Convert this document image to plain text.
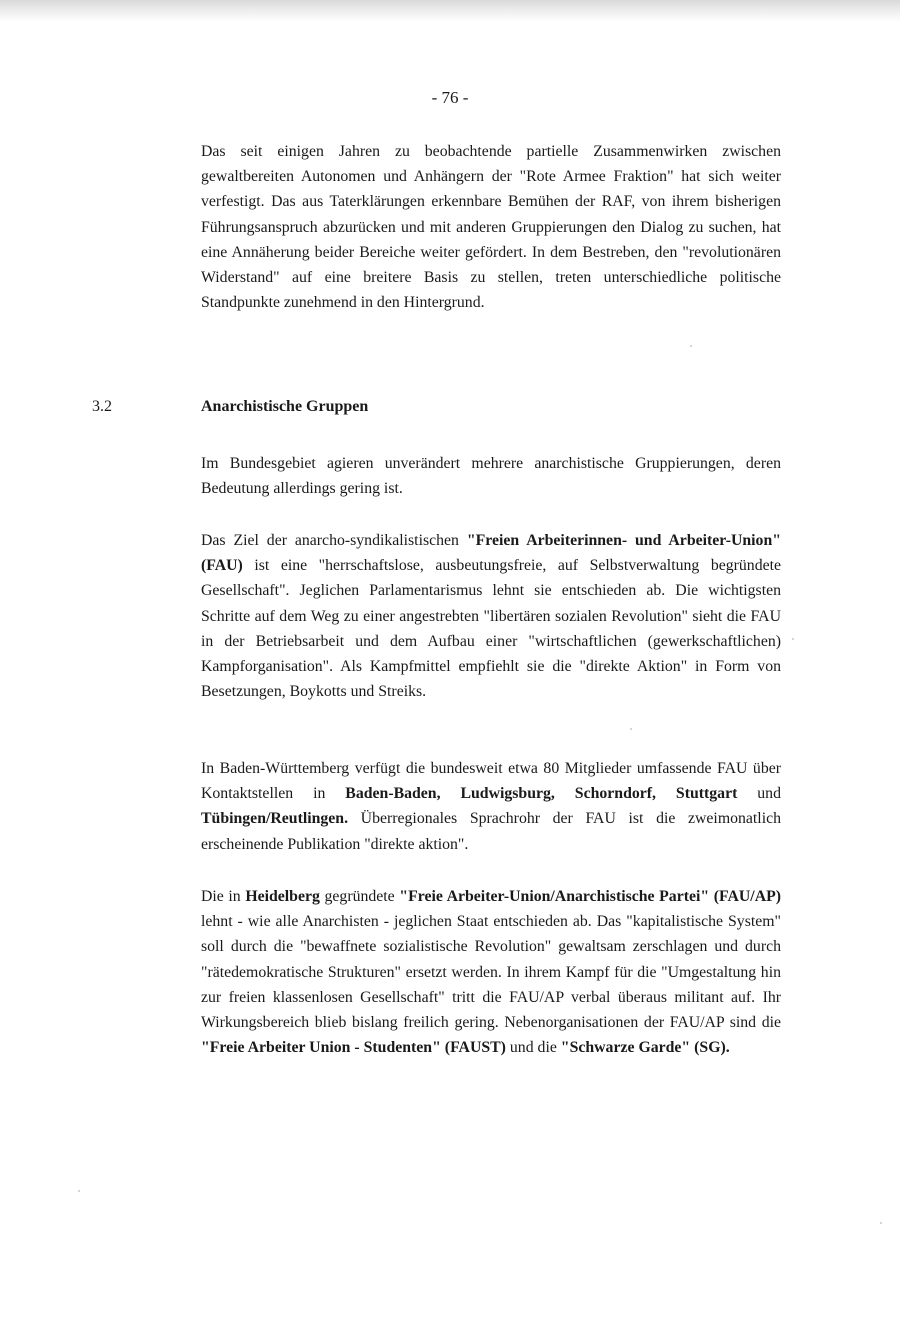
- 76 -

Das seit einigen Jahren zu beobachtende partielle Zusammenwirken zwischen gewaltbereiten Autonomen und Anhängern der "Rote Armee Fraktion" hat sich weiter verfestigt. Das aus Taterklärungen erkennbare Bemühen der RAF, von ihrem bisherigen Führungsanspruch abzurücken und mit anderen Gruppierungen den Dialog zu suchen, hat eine Annäherung beider Bereiche weiter gefördert. In dem Bestreben, den "revolutionären Widerstand" auf eine breitere Basis zu stellen, treten unterschiedliche politische Standpunkte zunehmend in den Hintergrund.

3.2	Anarchistische Gruppen

Im Bundesgebiet agieren unverändert mehrere anarchistische Gruppierungen, deren Bedeutung allerdings gering ist.

Das Ziel der anarcho-syndikalistischen "Freien Arbeiterinnen- und Arbeiter-Union" (FAU) ist eine "herrschaftslose, ausbeutungsfreie, auf Selbstverwaltung begründete Gesellschaft". Jeglichen Parlamentarismus lehnt sie entschieden ab. Die wichtigsten Schritte auf dem Weg zu einer angestrebten "libertären sozialen Revolution" sieht die FAU in der Betriebsarbeit und dem Aufbau einer "wirtschaftlichen (gewerkschaftlichen) Kampforganisation". Als Kampfmittel empfiehlt sie die "direkte Aktion" in Form von Besetzungen, Boykotts und Streiks.

In Baden-Württemberg verfügt die bundesweit etwa 80 Mitglieder umfassende FAU über Kontaktstellen in Baden-Baden, Ludwigsburg, Schorndorf, Stuttgart und Tübingen/Reutlingen. Überregionales Sprachrohr der FAU ist die zweimonatlich erscheinende Publikation "direkte aktion".

Die in Heidelberg gegründete "Freie Arbeiter-Union/Anarchistische Partei" (FAU/AP) lehnt - wie alle Anarchisten - jeglichen Staat entschieden ab. Das "kapitalistische System" soll durch die "bewaffnete sozialistische Revolution" gewaltsam zerschlagen und durch "rätedemokratische Strukturen" ersetzt werden. In ihrem Kampf für die "Umgestaltung hin zur freien klassenlosen Gesellschaft" tritt die FAU/AP verbal überaus militant auf. Ihr Wirkungsbereich blieb bislang freilich gering. Nebenorganisationen der FAU/AP sind die "Freie Arbeiter Union - Studenten" (FAUST) und die "Schwarze Garde" (SG).
